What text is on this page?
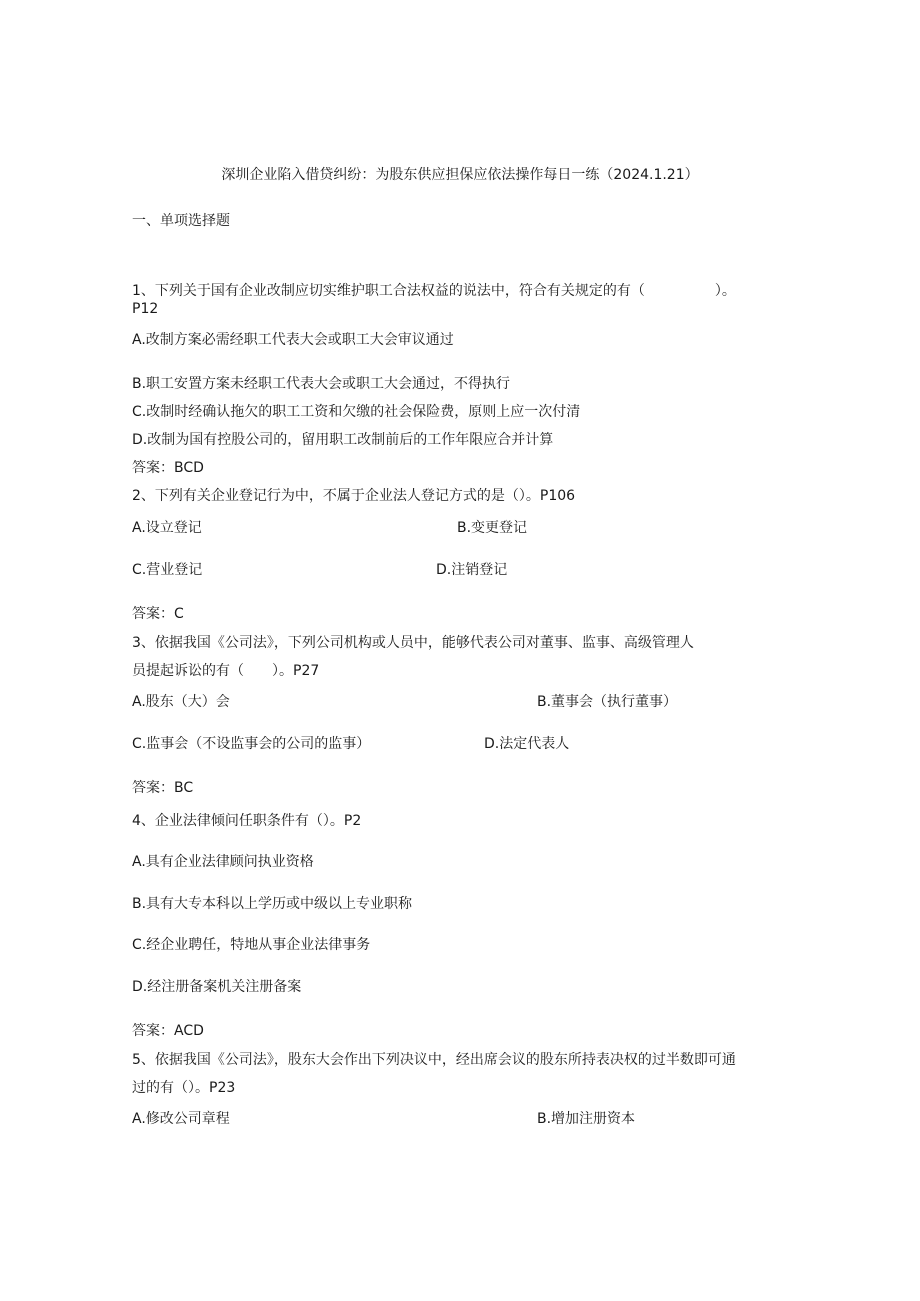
深圳企业陷入借贷纠纷：为股东供应担保应依法操作每日一练（2024.1.21）
一、单项选择题
1、下列关于国有企业改制应切实维护职工合法权益的说法中，符合有关规定的有（　　　　　）。
P12
A.改制方案必需经职工代表大会或职工大会审议通过
B.职工安置方案未经职工代表大会或职工大会通过，不得执行
C.改制时经确认拖欠的职工工资和欠缴的社会保险费，原则上应一次付清
D.改制为国有控股公司的，留用职工改制前后的工作年限应合并计算
答案：BCD
2、下列有关企业登记行为中，不属于企业法人登记方式的是（）。P106
A.设立登记	B.变更登记
C.营业登记	D.注销登记
答案：C
3、依据我国《公司法》，下列公司机构或人员中，能够代表公司对董事、监事、高级管理人
员提起诉讼的有（　　）。P27
A.股东（大）会	B.董事会（执行董事）
C.监事会（不设监事会的公司的监事）	D.法定代表人
答案：BC
4、企业法律倾问任职条件有（）。P2
A.具有企业法律顾问执业资格
B.具有大专本科以上学历或中级以上专业职称
C.经企业聘任，特地从事企业法律事务
D.经注册备案机关注册备案
答案：ACD
5、依据我国《公司法》，股东大会作出下列决议中，经出席会议的股东所持表决权的过半数即可通
过的有（）。P23
A.修改公司章程	B.增加注册资本
